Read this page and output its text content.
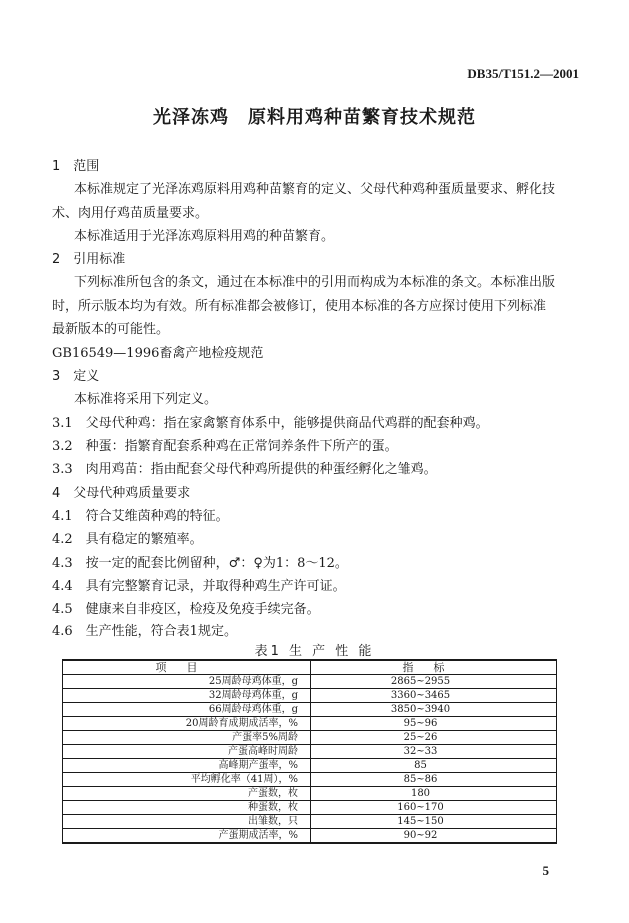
DB35/T151.2—2001
光泽冻鸡　原料用鸡种苗繁育技术规范
1　范围
本标准规定了光泽冻鸡原料用鸡种苗繁育的定义、父母代种鸡种蛋质量要求、孵化技
术、肉用仔鸡苗质量要求。
本标准适用于光泽冻鸡原料用鸡的种苗繁育。
2　引用标准
下列标准所包含的条文，通过在本标准中的引用而构成为本标准的条文。本标准出版
时，所示版本均为有效。所有标准都会被修订，使用本标准的各方应探讨使用下列标准
最新版本的可能性。
GB16549—1996畜禽产地检疫规范
3　定义
本标准将采用下列定义。
3.1　父母代种鸡：指在家禽繁育体系中，能够提供商品代鸡群的配套种鸡。
3.2　种蛋：指繁育配套系种鸡在正常饲养条件下所产的蛋。
3.3　肉用鸡苗：指由配套父母代种鸡所提供的种蛋经孵化之雏鸡。
4　父母代种鸡质量要求
4.1　符合艾维茵种鸡的特征。
4.2　具有稳定的繁殖率。
4.3　按一定的配套比例留种，♂：♀为1：8～12。
4.4　具有完整繁育记录，并取得种鸡生产许可证。
4.5　健康来自非疫区，检疫及免疫手续完备。
4.6　生产性能，符合表1规定。
表1 生 产 性 能
项目	指标
25周龄母鸡体重，g	2865~2955
32周龄母鸡体重，g	3360~3465
66周龄母鸡体重，g	3850~3940
20周龄育成期成活率，%	95~96
产蛋率5%周龄	25~26
产蛋高峰时周龄	32~33
高峰期产蛋率，%	85
平均孵化率（41周），%	85~86
产蛋数，枚	180
种蛋数，枚	160~170
出雏数，只	145~150
产蛋期成活率，%	90~92
5
